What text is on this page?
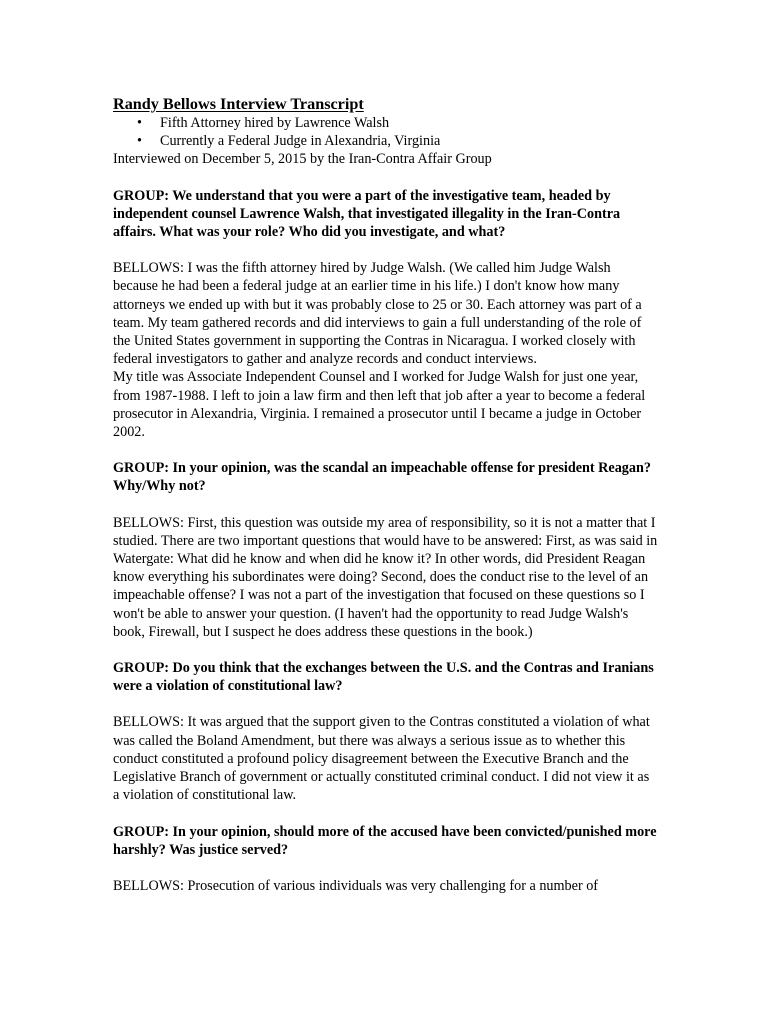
Randy Bellows Interview Transcript
• Fifth Attorney hired by Lawrence Walsh
• Currently a Federal Judge in Alexandria, Virginia

Interviewed on December 5, 2015 by the Iran-Contra Affair Group

GROUP: We understand that you were a part of the investigative team, headed by independent counsel Lawrence Walsh, that investigated illegality in the Iran-Contra affairs. What was your role? Who did you investigate, and what?

BELLOWS: I was the fifth attorney hired by Judge Walsh. (We called him Judge Walsh because he had been a federal judge at an earlier time in his life.) I don't know how many attorneys we ended up with but it was probably close to 25 or 30. Each attorney was part of a team. My team gathered records and did interviews to gain a full understanding of the role of the United States government in supporting the Contras in Nicaragua. I worked closely with federal investigators to gather and analyze records and conduct interviews.

My title was Associate Independent Counsel and I worked for Judge Walsh for just one year, from 1987-1988. I left to join a law firm and then left that job after a year to become a federal prosecutor in Alexandria, Virginia. I remained a prosecutor until I became a judge in October 2002.

GROUP: In your opinion, was the scandal an impeachable offense for president Reagan? Why/Why not?

BELLOWS: First, this question was outside my area of responsibility, so it is not a matter that I studied. There are two important questions that would have to be answered: First, as was said in Watergate: What did he know and when did he know it? In other words, did President Reagan know everything his subordinates were doing? Second, does the conduct rise to the level of an impeachable offense? I was not a part of the investigation that focused on these questions so I won't be able to answer your question. (I haven't had the opportunity to read Judge Walsh's book, Firewall, but I suspect he does address these questions in the book.)

GROUP: Do you think that the exchanges between the U.S. and the Contras and Iranians were a violation of constitutional law?

BELLOWS: It was argued that the support given to the Contras constituted a violation of what was called the Boland Amendment, but there was always a serious issue as to whether this conduct constituted a profound policy disagreement between the Executive Branch and the Legislative Branch of government or actually constituted criminal conduct. I did not view it as a violation of constitutional law.

GROUP: In your opinion, should more of the accused have been convicted/punished more harshly? Was justice served?

BELLOWS: Prosecution of various individuals was very challenging for a number of
